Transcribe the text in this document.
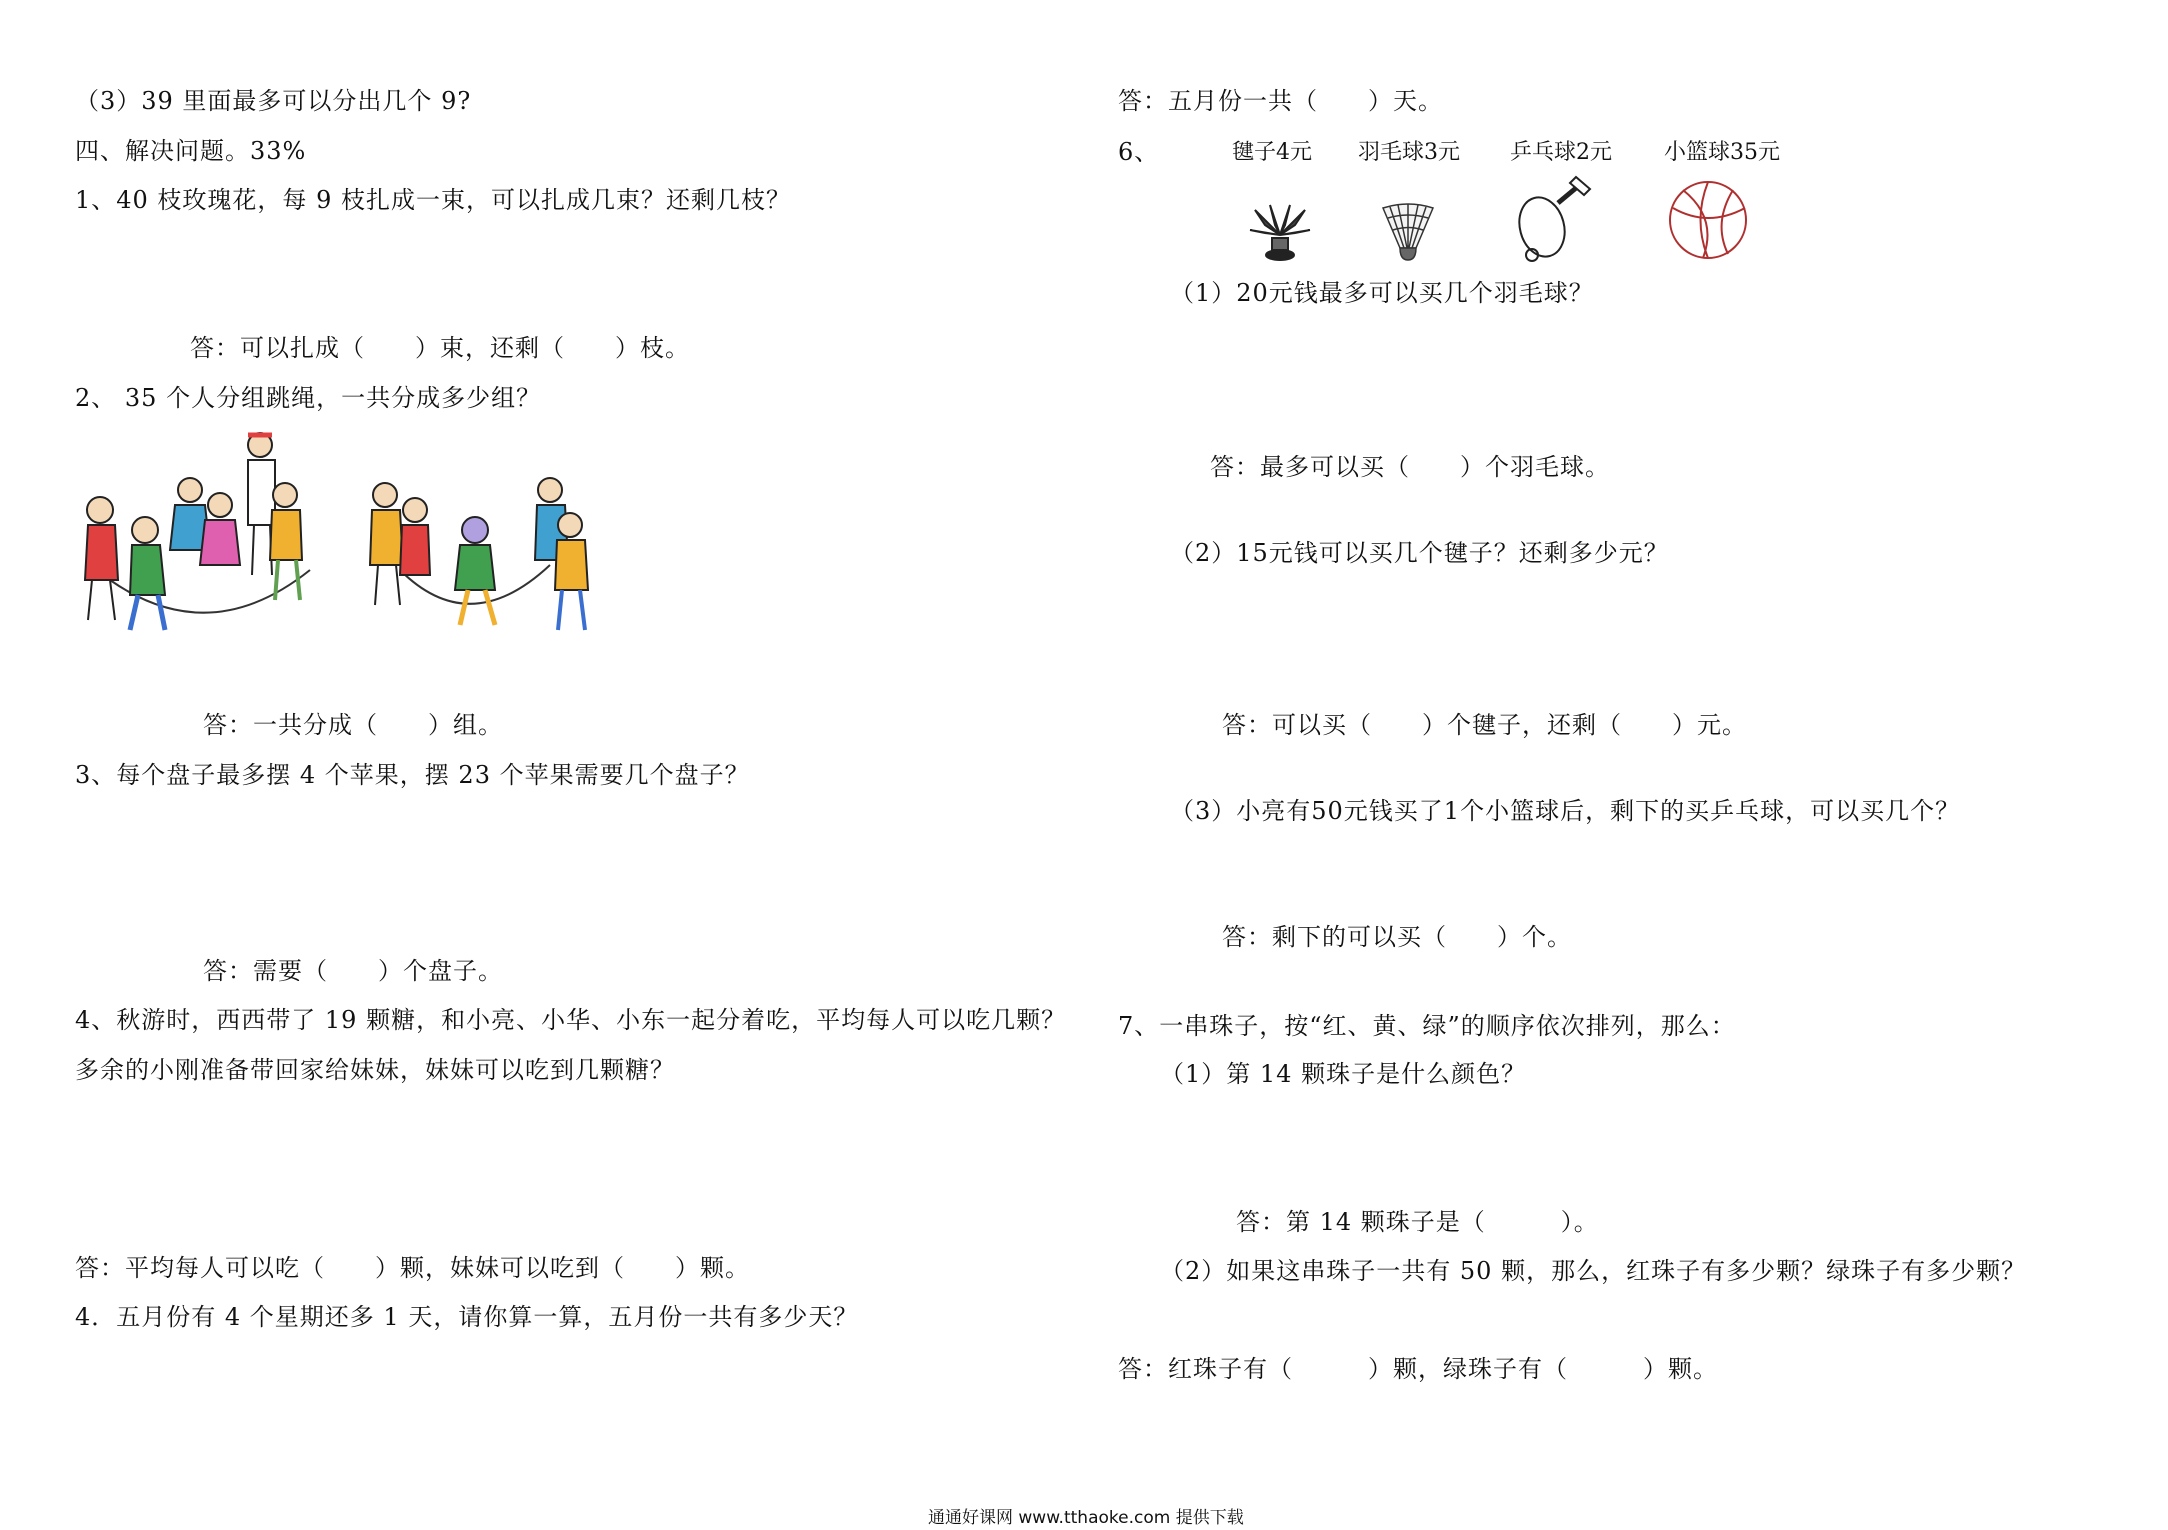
（3）39 里面最多可以分出几个 9?
四、解决问题。33%
1、40 枝玫瑰花，每 9 枝扎成一束，可以扎成几束？还剩几枝？
答：可以扎成（　　）束，还剩（　　）枝。
2、 35 个人分组跳绳，一共分成多少组？
答：一共分成（　　）组。
3、每个盘子最多摆 4 个苹果，摆 23 个苹果需要几个盘子？
答：需要（　　）个盘子。
4、秋游时，西西带了 19 颗糖，和小亮、小华、小东一起分着吃，平均每人可以吃几颗？
多余的小刚准备带回家给妹妹，妹妹可以吃到几颗糖？
答：平均每人可以吃（　　）颗，妹妹可以吃到（　　）颗。
4．五月份有 4 个星期还多 1 天，请你算一算，五月份一共有多少天？
答：五月份一共（　　）天。
6、	毽子4元 羽毛球3元 乒乓球2元 小篮球35元
（1）20元钱最多可以买几个羽毛球？
答：最多可以买（　　）个羽毛球。
（2）15元钱可以买几个毽子？还剩多少元？
答：可以买（　　）个毽子，还剩（　　）元。
（3）小亮有50元钱买了1个小篮球后，剩下的买乒乓球，可以买几个？
答：剩下的可以买（　　）个。
7、一串珠子，按“红、黄、绿”的顺序依次排列，那么：
（1）第 14 颗珠子是什么颜色？
答：第 14 颗珠子是（　　　）。
（2）如果这串珠子一共有 50 颗，那么，红珠子有多少颗？绿珠子有多少颗？
答：红珠子有（　　　）颗，绿珠子有（　　　）颗。
通通好课网 www.tthaoke.com 提供下载
